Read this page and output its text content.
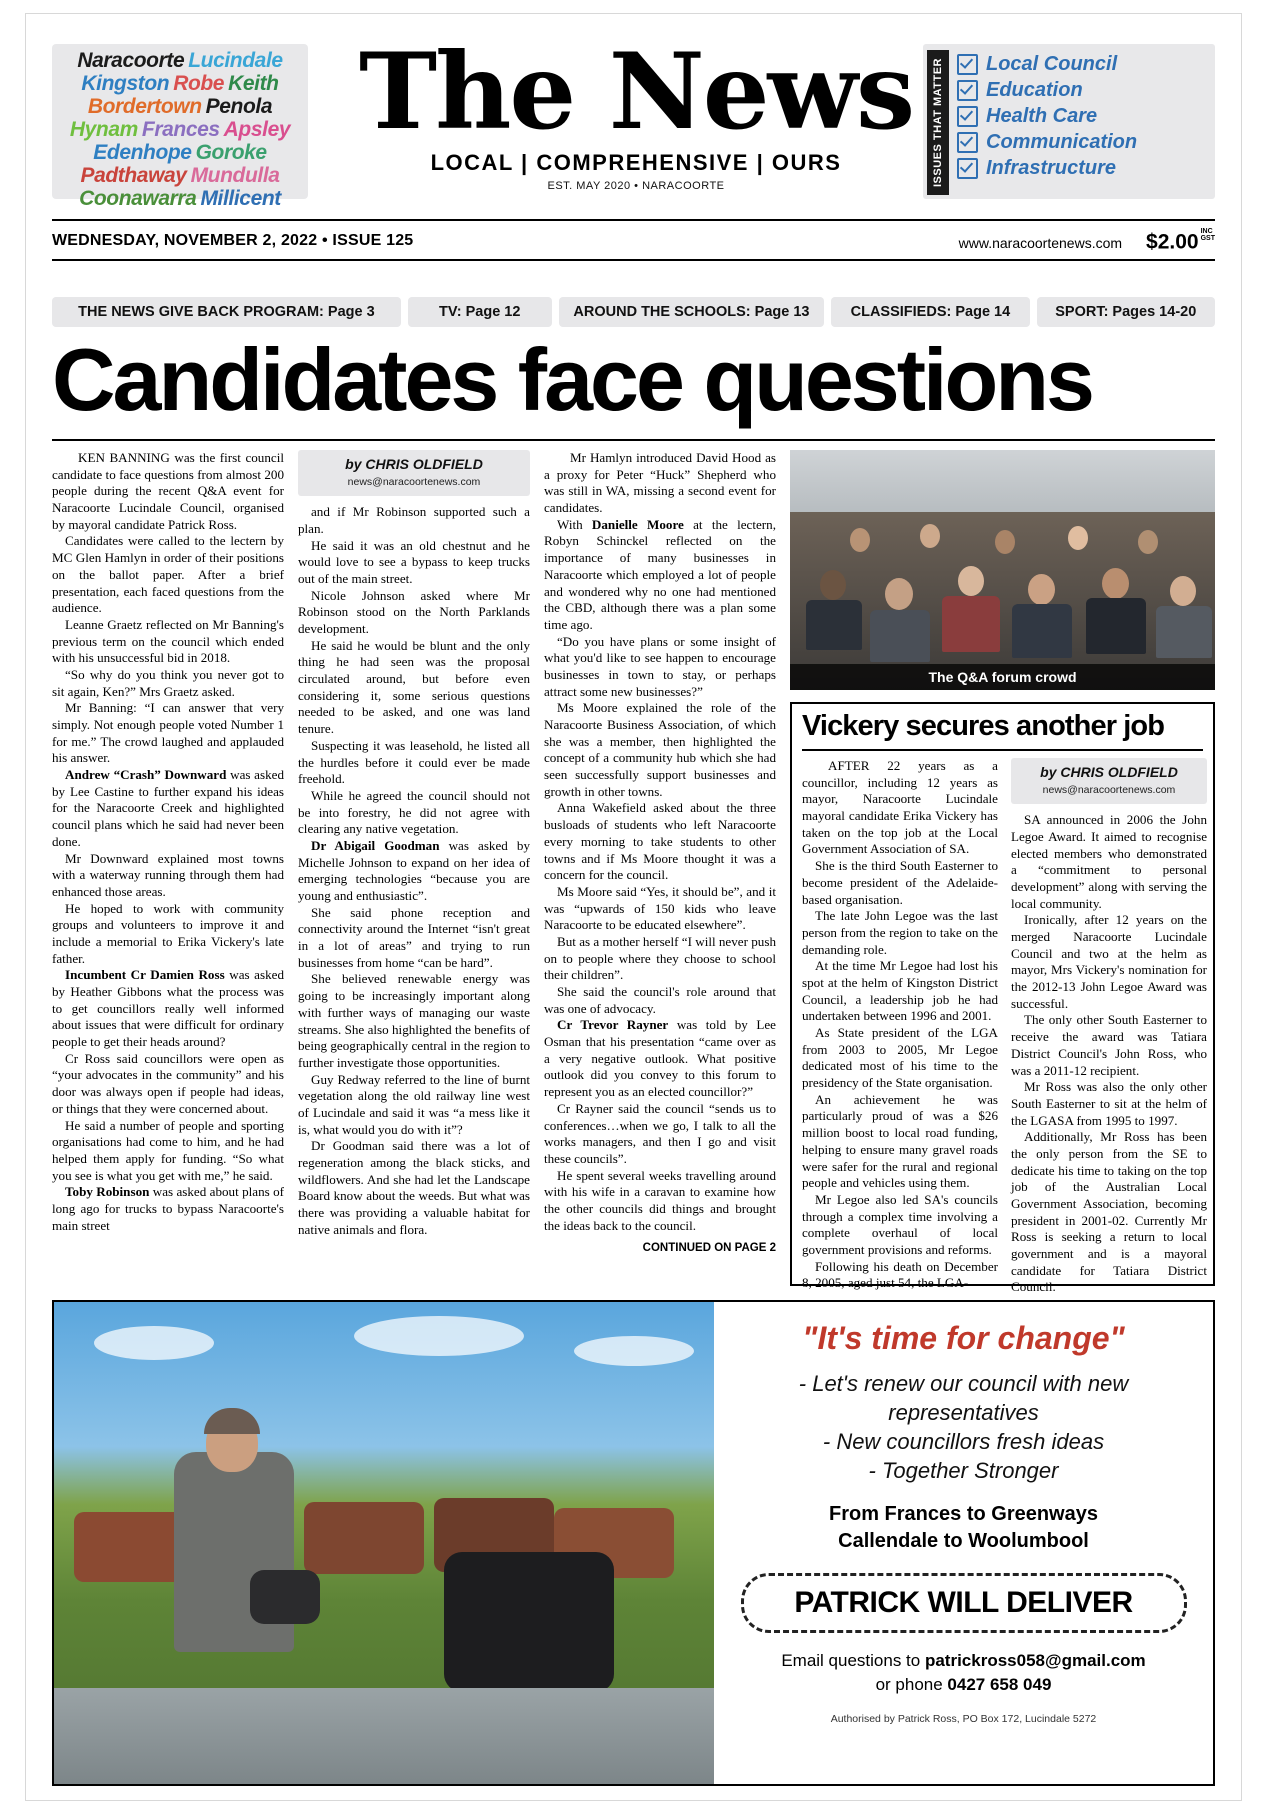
Naracoorte Lucindale
Kingston Robe Keith
Bordertown Penola
Hynam Frances Apsley
Edenhope Goroke
Padthaway Mundulla
Coonawarra Millicent
The News
LOCAL | COMPREHENSIVE | OURS
EST. MAY 2020 • NARACOORTE	ISSUES THAT MATTER Local Council
Education
Health Care
Communication
Infrastructure
WEDNESDAY, NOVEMBER 2, 2022 • ISSUE 125	www.naracoortenews.com $2.00 INC
GST
THE NEWS GIVE BACK PROGRAM: Page 3	TV: Page 12	AROUND THE SCHOOLS: Page 13	CLASSIFIEDS: Page 14	SPORT: Pages 14-20
Candidates face questions

KEN BANNING was the first council candidate to face questions from almost 200 people during the recent Q&A event for Naracoorte Lucindale Council, organised by mayoral candidate Patrick Ross.

Candidates were called to the lectern by MC Glen Hamlyn in order of their positions on the ballot paper. After a brief presentation, each faced questions from the audience.

Leanne Graetz reflected on Mr Banning's previous term on the council which ended with his unsuccessful bid in 2018.

“So why do you think you never got to sit again, Ken?” Mrs Graetz asked.

Mr Banning: “I can answer that very simply. Not enough people voted Number 1 for me.” The crowd laughed and applauded his answer.

Andrew “Crash” Downward was asked by Lee Castine to further expand his ideas for the Naracoorte Creek and highlighted council plans which he said had never been done.

Mr Downward explained most towns with a waterway running through them had enhanced those areas.

He hoped to work with community groups and volunteers to improve it and include a memorial to Erika Vickery's late father.

Incumbent Cr Damien Ross was asked by Heather Gibbons what the process was to get councillors really well informed about issues that were difficult for ordinary people to get their heads around?

Cr Ross said councillors were open as “your advocates in the community” and his door was always open if people had ideas, or things that they were concerned about.

He said a number of people and sporting organisations had come to him, and he had helped them apply for funding. “So what you see is what you get with me,” he said.

Toby Robinson was asked about plans of long ago for trucks to bypass Naracoorte's main street

by CHRIS OLDFIELD
news@naracoortenews.com

and if Mr Robinson supported such a plan.

He said it was an old chestnut and he would love to see a bypass to keep trucks out of the main street.

Nicole Johnson asked where Mr Robinson stood on the North Parklands development.

He said he would be blunt and the only thing he had seen was the proposal circulated around, but before even considering it, some serious questions needed to be asked, and one was land tenure.

Suspecting it was leasehold, he listed all the hurdles before it could ever be made freehold.

While he agreed the council should not be into forestry, he did not agree with clearing any native vegetation.

Dr Abigail Goodman was asked by Michelle Johnson to expand on her idea of emerging technologies “because you are young and enthusiastic”.

She said phone reception and connectivity around the Internet “isn't great in a lot of areas” and trying to run businesses from home “can be hard”.

She believed renewable energy was going to be increasingly important along with further ways of managing our waste streams. She also highlighted the benefits of being geographically central in the region to further investigate those opportunities.

Guy Redway referred to the line of burnt vegetation along the old railway line west of Lucindale and said it was “a mess like it is, what would you do with it”?

Dr Goodman said there was a lot of regeneration among the black sticks, and wildflowers. And she had let the Landscape Board know about the weeds. But what was there was providing a valuable habitat for native animals and flora.

Mr Hamlyn introduced David Hood as a proxy for Peter “Huck” Shepherd who was still in WA, missing a second event for candidates.

With Danielle Moore at the lectern, Robyn Schinckel reflected on the importance of many businesses in Naracoorte which employed a lot of people and wondered why no one had mentioned the CBD, although there was a plan some time ago.

“Do you have plans or some insight of what you'd like to see happen to encourage businesses in town to stay, or perhaps attract some new businesses?”

Ms Moore explained the role of the Naracoorte Business Association, of which she was a member, then highlighted the concept of a community hub which she had seen successfully support businesses and growth in other towns.

Anna Wakefield asked about the three busloads of students who left Naracoorte every morning to take students to other towns and if Ms Moore thought it was a concern for the council.

Ms Moore said “Yes, it should be”, and it was “upwards of 150 kids who leave Naracoorte to be educated elsewhere”.

But as a mother herself “I will never push on to people where they choose to school their children”.

She said the council's role around that was one of advocacy.

Cr Trevor Rayner was told by Lee Osman that his presentation “came over as a very negative outlook. What positive outlook did you convey to this forum to represent you as an elected councillor?”

Cr Rayner said the council “sends us to conferences…when we go, I talk to all the works managers, and then I go and visit these councils”.

He spent several weeks travelling around with his wife in a caravan to examine how the other councils did things and brought the ideas back to the council.

CONTINUED ON PAGE 2
The Q&A forum crowd
Vickery secures another job

AFTER 22 years as a councillor, including 12 years as mayor, Naracoorte Lucindale mayoral candidate Erika Vickery has taken on the top job at the Local Government Association of SA.

She is the third South Easterner to become president of the Adelaide-based organisation.

The late John Legoe was the last person from the region to take on the demanding role.

At the time Mr Legoe had lost his spot at the helm of Kingston District Council, a leadership job he had undertaken between 1996 and 2001.

As State president of the LGA from 2003 to 2005, Mr Legoe dedicated most of his time to the presidency of the State organisation.

An achievement he was particularly proud of was a $26 million boost to local road funding, helping to ensure many gravel roads were safer for the rural and regional people and vehicles using them.

Mr Legoe also led SA's councils through a complex time involving a complete overhaul of local government provisions and reforms.

Following his death on December 8, 2005, aged just 54, the LGA-

by CHRIS OLDFIELD
news@naracoortenews.com

SA announced in 2006 the John Legoe Award. It aimed to recognise elected members who demonstrated a “commitment to personal development” along with serving the local community.

Ironically, after 12 years on the merged Naracoorte Lucindale Council and two at the helm as mayor, Mrs Vickery's nomination for the 2012-13 John Legoe Award was successful.

The only other South Easterner to receive the award was Tatiara District Council's John Ross, who was a 2011-12 recipient.

Mr Ross was also the only other South Easterner to sit at the helm of the LGASA from 1995 to 1997.

Additionally, Mr Ross has been the only person from the SE to dedicate his time to taking on the top job of the Australian Local Government Association, becoming president in 2001-02. Currently Mr Ross is seeking a return to local government and is a mayoral candidate for Tatiara District Council.

"It's time for change"
- Let's renew our council with new representatives
- New councillors fresh ideas
- Together Stronger
From Frances to Greenways
Callendale to Woolumbool
PATRICK WILL DELIVER
Email questions to patrickross058@gmail.com
or phone 0427 658 049
Authorised by Patrick Ross, PO Box 172, Lucindale 5272
